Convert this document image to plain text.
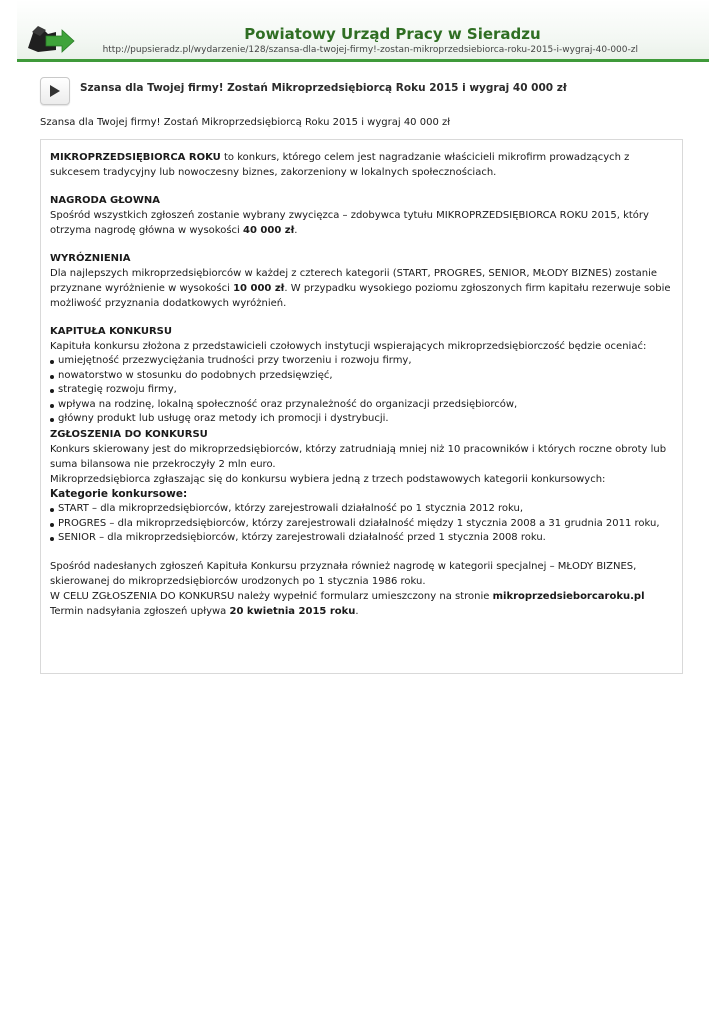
Powiatowy Urząd Pracy w Sieradzu
http://pupsieradz.pl/wydarzenie/128/szansa-dla-twojej-firmy!-zostan-mikroprzedsiebiorca-roku-2015-i-wygraj-40-000-zl
Szansa dla Twojej firmy! Zostań Mikroprzedsiębiorcą Roku 2015 i wygraj 40 000 zł
Szansa dla Twojej firmy! Zostań Mikroprzedsiębiorcą Roku 2015 i wygraj 40 000 zł

MIKROPRZEDSIĘBIORCA ROKU to konkurs, którego celem jest nagradzanie właścicieli mikrofirm prowadzących z
sukcesem tradycyjny lub nowoczesny biznes, zakorzeniony w lokalnych społecznościach.

NAGRODA GŁOWNA
Spośród wszystkich zgłoszeń zostanie wybrany zwycięzca – zdobywca tytułu MIKROPRZEDSIĘBIORCA ROKU 2015, który
otrzyma nagrodę główna w wysokości 40 000 zł.

WYRÓZNIENIA
Dla najlepszych mikroprzedsiębiorców w każdej z czterech kategorii (START, PROGRES, SENIOR, MŁODY BIZNES) zostanie
przyznane wyróżnienie w wysokości 10 000 zł. W przypadku wysokiego poziomu zgłoszonych firm kapitału rezerwuje sobie
możliwość przyznania dodatkowych wyróżnień.

KAPITUŁA KONKURSU
Kapituła konkursu złożona z przedstawicieli czołowych instytucji wspierających mikroprzedsiębiorczość będzie oceniać:

umiejętność przezwyciężania trudności przy tworzeniu i rozwoju firmy,
nowatorstwo w stosunku do podobnych przedsięwzięć,
strategię rozwoju firmy,
wpływa na rodzinę, lokalną społeczność oraz przynależność do organizacji przedsiębiorców,
główny produkt lub usługę oraz metody ich promocji i dystrybucji.

ZGŁOSZENIA DO KONKURSU
Konkurs skierowany jest do mikroprzedsiębiorców, którzy zatrudniają mniej niż 10 pracowników i których roczne obroty lub
suma bilansowa nie przekroczyły 2 mln euro.
Mikroprzedsiębiorca zgłaszając się do konkursu wybiera jedną z trzech podstawowych kategorii konkursowych:

Kategorie konkursowe:

START – dla mikroprzedsiębiorców, którzy zarejestrowali działalność po 1 stycznia 2012 roku,
PROGRES – dla mikroprzedsiębiorców, którzy zarejestrowali działalność między 1 stycznia 2008 a 31 grudnia 2011 roku,
SENIOR – dla mikroprzedsiębiorców, którzy zarejestrowali działalność przed 1 stycznia 2008 roku.

Spośród nadesłanych zgłoszeń Kapituła Konkursu przyznała również nagrodę w kategorii specjalnej – MŁODY BIZNES,
skierowanej do mikroprzedsiębiorców urodzonych po 1 stycznia 1986 roku.
W CELU ZGŁOSZENIA DO KONKURSU należy wypełnić formularz umieszczony na stronie mikroprzedsieborcaroku.pl
Termin nadsyłania zgłoszeń upływa 20 kwietnia 2015 roku.
